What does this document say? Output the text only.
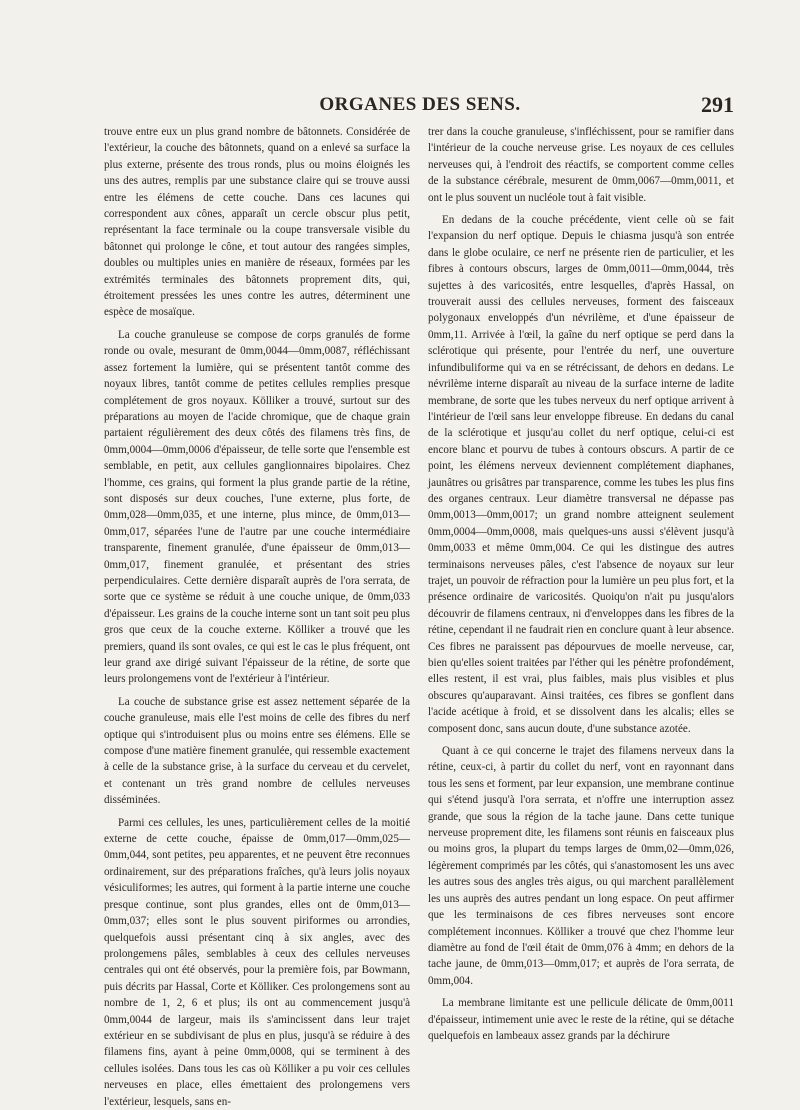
ORGANES DES SENS.	291

trouve entre eux un plus grand nombre de bâtonnets. Considérée de l'extérieur, la couche des bâtonnets, quand on a enlevé sa surface la plus externe, présente des trous ronds, plus ou moins éloignés les uns des autres, remplis par une substance claire qui se trouve aussi entre les élémens de cette couche. Dans ces lacunes qui correspondent aux cônes, apparaît un cercle obscur plus petit, représentant la face terminale ou la coupe transversale visible du bâtonnet qui prolonge le cône, et tout autour des rangées simples, doubles ou multiples unies en manière de réseaux, formées par les extrémités terminales des bâtonnets proprement dits, qui, étroitement pressées les unes contre les autres, déterminent une espèce de mosaïque.

La couche granuleuse se compose de corps granulés de forme ronde ou ovale, mesurant de 0mm,0044—0mm,0087, réfléchissant assez fortement la lumière, qui se présentent tantôt comme des noyaux libres, tantôt comme de petites cellules remplies presque complétement de gros noyaux. Kölliker a trouvé, surtout sur des préparations au moyen de l'acide chromique, que de chaque grain partaient régulièrement des deux côtés des filamens très fins, de 0mm,0004—0mm,0006 d'épaisseur, de telle sorte que l'ensemble est semblable, en petit, aux cellules ganglionnaires bipolaires. Chez l'homme, ces grains, qui forment la plus grande partie de la rétine, sont disposés sur deux couches, l'une externe, plus forte, de 0mm,028—0mm,035, et une interne, plus mince, de 0mm,013—0mm,017, séparées l'une de l'autre par une couche intermédiaire transparente, finement granulée, d'une épaisseur de 0mm,013—0mm,017, finement granulée, et présentant des stries perpendiculaires. Cette dernière disparaît auprès de l'ora serrata, de sorte que ce système se réduit à une couche unique, de 0mm,033 d'épaisseur. Les grains de la couche interne sont un tant soit peu plus gros que ceux de la couche externe. Kölliker a trouvé que les premiers, quand ils sont ovales, ce qui est le cas le plus fréquent, ont leur grand axe dirigé suivant l'épaisseur de la rétine, de sorte que leurs prolongemens vont de l'extérieur à l'intérieur.

La couche de substance grise est assez nettement séparée de la couche granuleuse, mais elle l'est moins de celle des fibres du nerf optique qui s'introduisent plus ou moins entre ses élémens. Elle se compose d'une matière finement granulée, qui ressemble exactement à celle de la substance grise, à la surface du cerveau et du cervelet, et contenant un très grand nombre de cellules nerveuses disséminées.

Parmi ces cellules, les unes, particulièrement celles de la moitié externe de cette couche, épaisse de 0mm,017—0mm,025—0mm,044, sont petites, peu apparentes, et ne peuvent être reconnues ordinairement, sur des préparations fraîches, qu'à leurs jolis noyaux vésiculiformes; les autres, qui forment à la partie interne une couche presque continue, sont plus grandes, elles ont de 0mm,013—0mm,037; elles sont le plus souvent piriformes ou arrondies, quelquefois aussi présentant cinq à six angles, avec des prolongemens pâles, semblables à ceux des cellules nerveuses centrales qui ont été observés, pour la première fois, par Bowmann, puis décrits par Hassal, Corte et Kölliker. Ces prolongemens sont au nombre de 1, 2, 6 et plus; ils ont au commencement jusqu'à 0mm,0044 de largeur, mais ils s'amincissent dans leur trajet extérieur en se subdivisant de plus en plus, jusqu'à se réduire à des filamens fins, ayant à peine 0mm,0008, qui se terminent à des cellules isolées. Dans tous les cas où Kölliker a pu voir ces cellules nerveuses en place, elles émettaient des prolongemens vers l'extérieur, lesquels, sans en-

trer dans la couche granuleuse, s'infléchissent, pour se ramifier dans l'intérieur de la couche nerveuse grise. Les noyaux de ces cellules nerveuses qui, à l'endroit des réactifs, se comportent comme celles de la substance cérébrale, mesurent de 0mm,0067—0mm,0011, et ont le plus souvent un nucléole tout à fait visible.

En dedans de la couche précédente, vient celle où se fait l'expansion du nerf optique. Depuis le chiasma jusqu'à son entrée dans le globe oculaire, ce nerf ne présente rien de particulier, et les fibres à contours obscurs, larges de 0mm,0011—0mm,0044, très sujettes à des varicosités, entre lesquelles, d'après Hassal, on trouverait aussi des cellules nerveuses, forment des faisceaux polygonaux enveloppés d'un névrilème, et d'une épaisseur de 0mm,11. Arrivée à l'œil, la gaîne du nerf optique se perd dans la sclérotique qui présente, pour l'entrée du nerf, une ouverture infundibuliforme qui va en se rétrécissant, de dehors en dedans. Le névrilème interne disparaît au niveau de la surface interne de ladite membrane, de sorte que les tubes nerveux du nerf optique arrivent à l'intérieur de l'œil sans leur enveloppe fibreuse. En dedans du canal de la sclérotique et jusqu'au collet du nerf optique, celui-ci est encore blanc et pourvu de tubes à contours obscurs. A partir de ce point, les élémens nerveux deviennent complétement diaphanes, jaunâtres ou grisâtres par transparence, comme les tubes les plus fins des organes centraux. Leur diamètre transversal ne dépasse pas 0mm,0013—0mm,0017; un grand nombre atteignent seulement 0mm,0004—0mm,0008, mais quelques-uns aussi s'élèvent jusqu'à 0mm,0033 et même 0mm,004. Ce qui les distingue des autres terminaisons nerveuses pâles, c'est l'absence de noyaux sur leur trajet, un pouvoir de réfraction pour la lumière un peu plus fort, et la présence ordinaire de varicosités. Quoiqu'on n'ait pu jusqu'alors découvrir de filamens centraux, ni d'enveloppes dans les fibres de la rétine, cependant il ne faudrait rien en conclure quant à leur absence. Ces fibres ne paraissent pas dépourvues de moelle nerveuse, car, bien qu'elles soient traitées par l'éther qui les pénètre profondément, elles restent, il est vrai, plus faibles, mais plus visibles et plus obscures qu'auparavant. Ainsi traitées, ces fibres se gonflent dans l'acide acétique à froid, et se dissolvent dans les alcalis; elles se composent donc, sans aucun doute, d'une substance azotée.

Quant à ce qui concerne le trajet des filamens nerveux dans la rétine, ceux-ci, à partir du collet du nerf, vont en rayonnant dans tous les sens et forment, par leur expansion, une membrane continue qui s'étend jusqu'à l'ora serrata, et n'offre une interruption assez grande, que sous la région de la tache jaune. Dans cette tunique nerveuse proprement dite, les filamens sont réunis en faisceaux plus ou moins gros, la plupart du temps larges de 0mm,02—0mm,026, légèrement comprimés par les côtés, qui s'anastomosent les uns avec les autres sous des angles très aigus, ou qui marchent parallèlement les uns auprès des autres pendant un long espace. On peut affirmer que les terminaisons de ces fibres nerveuses sont encore complétement inconnues. Kölliker a trouvé que chez l'homme leur diamètre au fond de l'œil était de 0mm,076 à 4mm; en dehors de la tache jaune, de 0mm,013—0mm,017; et auprès de l'ora serrata, de 0mm,004.

La membrane limitante est une pellicule délicate de 0mm,0011 d'épaisseur, intimement unie avec le reste de la rétine, qui se détache quelquefois en lambeaux assez grands par la déchirure
